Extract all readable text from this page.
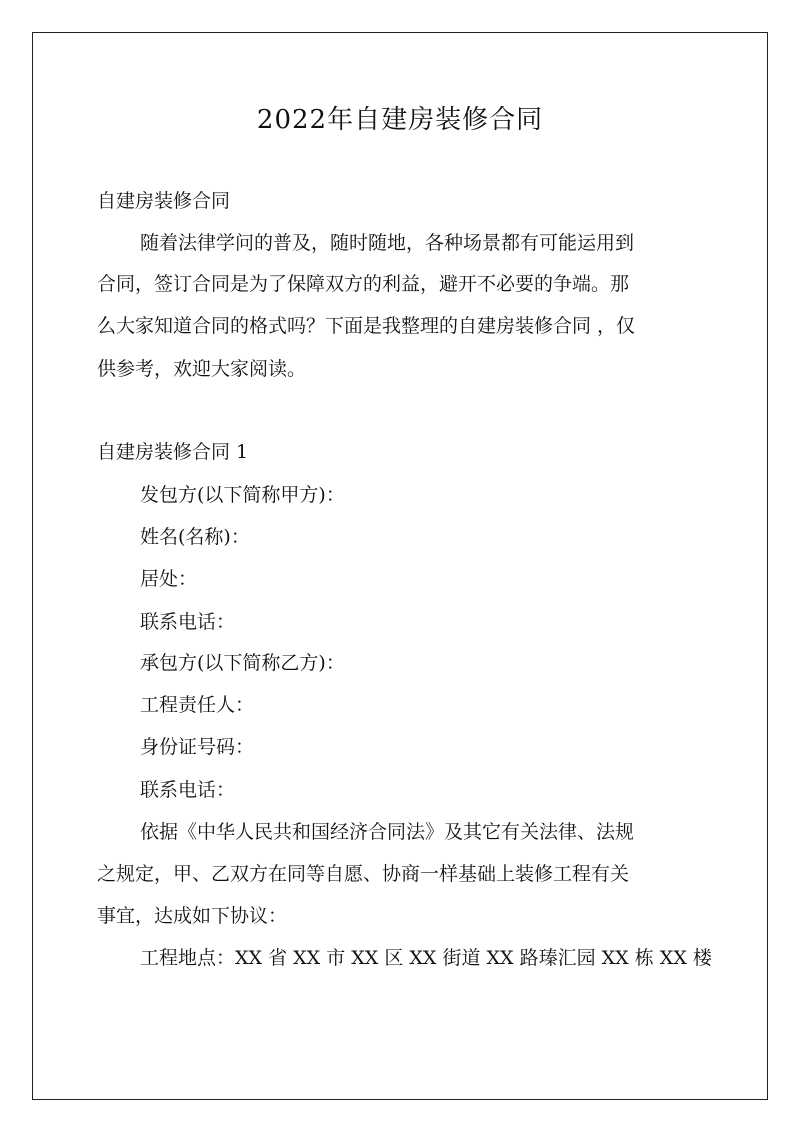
2022年自建房装修合同

自建房装修合同

随着法律学问的普及，随时随地，各种场景都有可能运用到

合同，签订合同是为了保障双方的利益，避开不必要的争端。那

么大家知道合同的格式吗？下面是我整理的自建房装修合同 ，仅

供参考，欢迎大家阅读。

自建房装修合同 1

发包方(以下简称甲方)：

姓名(名称)：

居处：

联系电话：

承包方(以下简称乙方)：

工程责任人：

身份证号码：

联系电话：

依据《中华人民共和国经济合同法》及其它有关法律、法规

之规定，甲、乙双方在同等自愿、协商一样基础上装修工程有关

事宜，达成如下协议：

工程地点：XX 省 XX 市 XX 区 XX 街道 XX 路瑧汇园 XX 栋 XX 楼
